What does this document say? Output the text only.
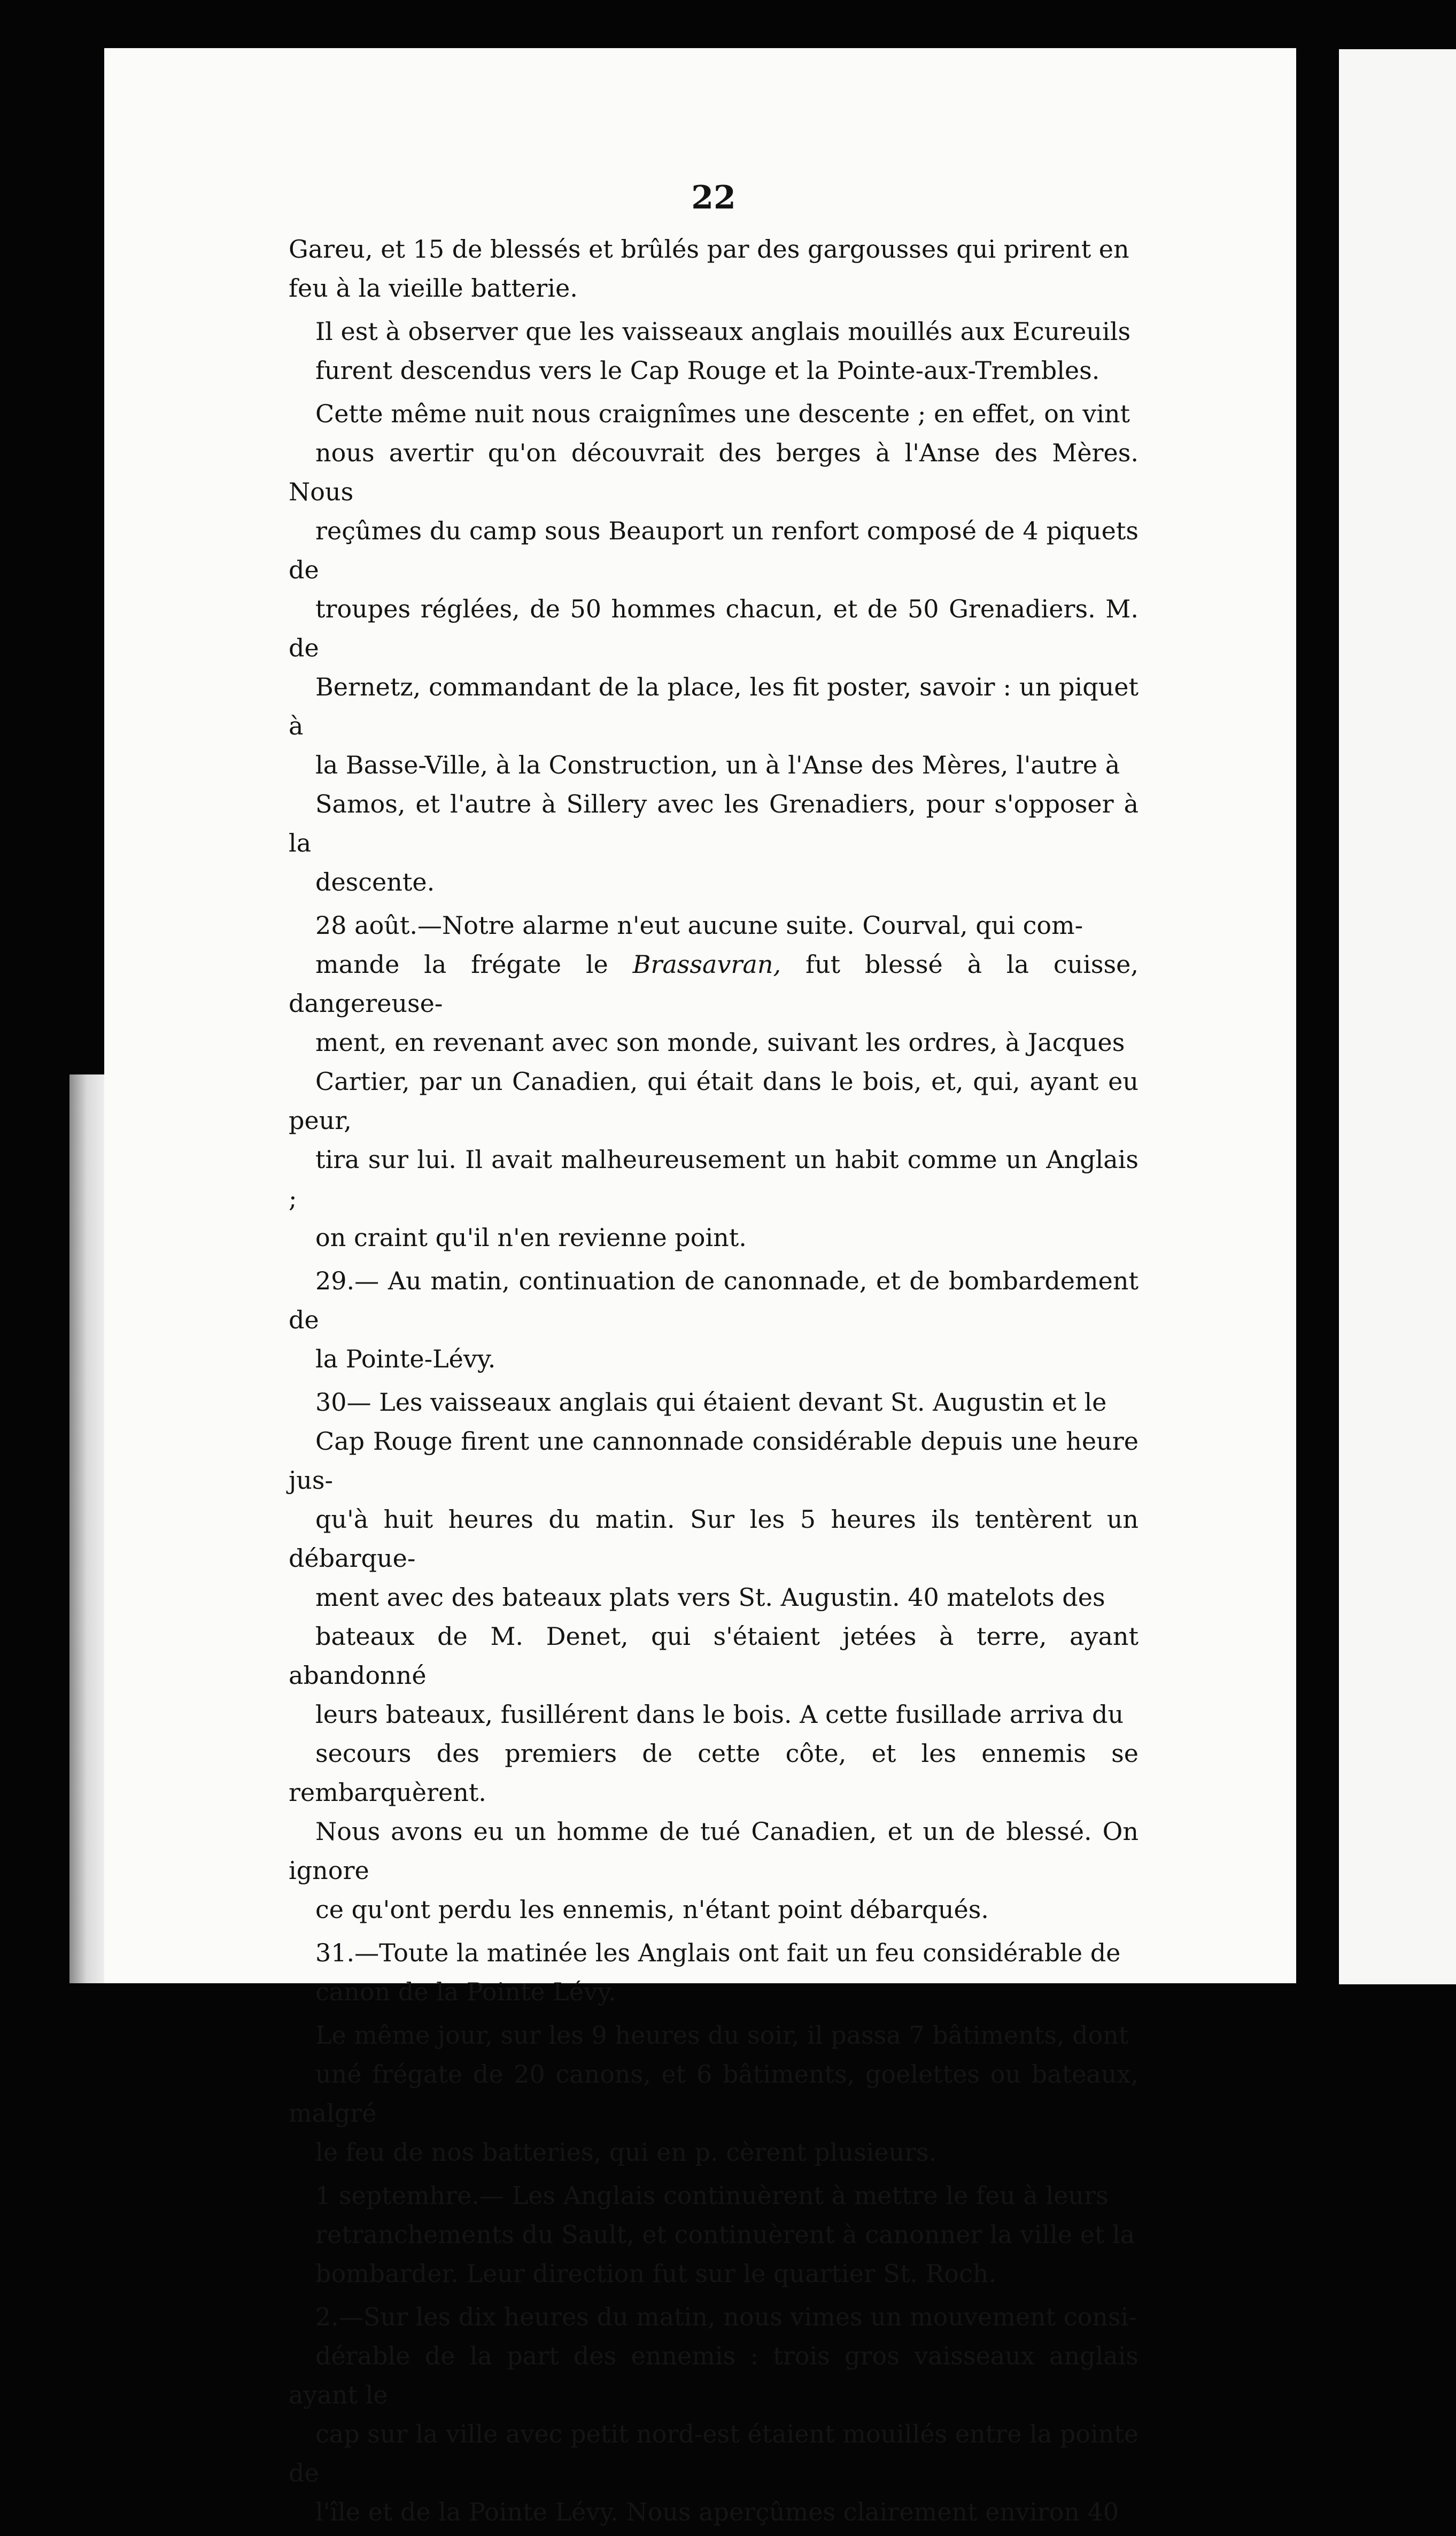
22
Gareu, et 15 de blessés et brûlés par des gargousses qui prirent en
feu à la vieille batterie.
Il est à observer que les vaisseaux anglais mouillés aux Ecureuils
furent descendus vers le Cap Rouge et la Pointe-aux-Trembles.
Cette même nuit nous craignîmes une descente ; en effet, on vint
nous avertir qu'on découvrait des berges à l'Anse des Mères. Nous
reçûmes du camp sous Beauport un renfort composé de 4 piquets de
troupes réglées, de 50 hommes chacun, et de 50 Grenadiers. M. de
Bernetz, commandant de la place, les fit poster, savoir : un piquet à
la Basse-Ville, à la Construction, un à l'Anse des Mères, l'autre à
Samos, et l'autre à Sillery avec les Grenadiers, pour s'opposer à la
descente.
28 août.—Notre alarme n'eut aucune suite. Courval, qui com-
mande la frégate le Brassavran, fut blessé à la cuisse, dangereuse-
ment, en revenant avec son monde, suivant les ordres, à Jacques
Cartier, par un Canadien, qui était dans le bois, et, qui, ayant eu peur,
tira sur lui. Il avait malheureusement un habit comme un Anglais ;
on craint qu'il n'en revienne point.
29.— Au matin, continuation de canonnade, et de bombardement de
la Pointe-Lévy.
30— Les vaisseaux anglais qui étaient devant St. Augustin et le
Cap Rouge firent une cannonnade considérable depuis une heure jus-
qu'à huit heures du matin. Sur les 5 heures ils tentèrent un débarque-
ment avec des bateaux plats vers St. Augustin. 40 matelots des
bateaux de M. Denet, qui s'étaient jetées à terre, ayant abandonné
leurs bateaux, fusillérent dans le bois. A cette fusillade arriva du
secours des premiers de cette côte, et les ennemis se rembarquèrent.
Nous avons eu un homme de tué Canadien, et un de blessé. On ignore
ce qu'ont perdu les ennemis, n'étant point débarqués.
31.—Toute la matinée les Anglais ont fait un feu considérable de
canon de la Pointe Lévy.
Le même jour, sur les 9 heures du soir, il passa 7 bâtiments, dont
uné frégate de 20 canons, et 6 bâtiments, goelettes ou bateaux, malgré
le feu de nos batteries, qui en p. cèrent plusieurs.
1 septemhre.— Les Anglais continuèrent à mettre le feu à leurs
retranchements du Sault, et continuèrent à canonner la ville et la
bombarder. Leur direction fut sur le quartier St. Roch.
2.—Sur les dix heures du matin, nous vimes un mouvement consi-
dérable de la part des ennemis : trois gros vaisseaux anglais ayant le
cap sur la ville avec petit nord-est étaient mouillés entre la pointe de
l'île et de la Pointe Lévy. Nous aperçûmes clairement environ 40
